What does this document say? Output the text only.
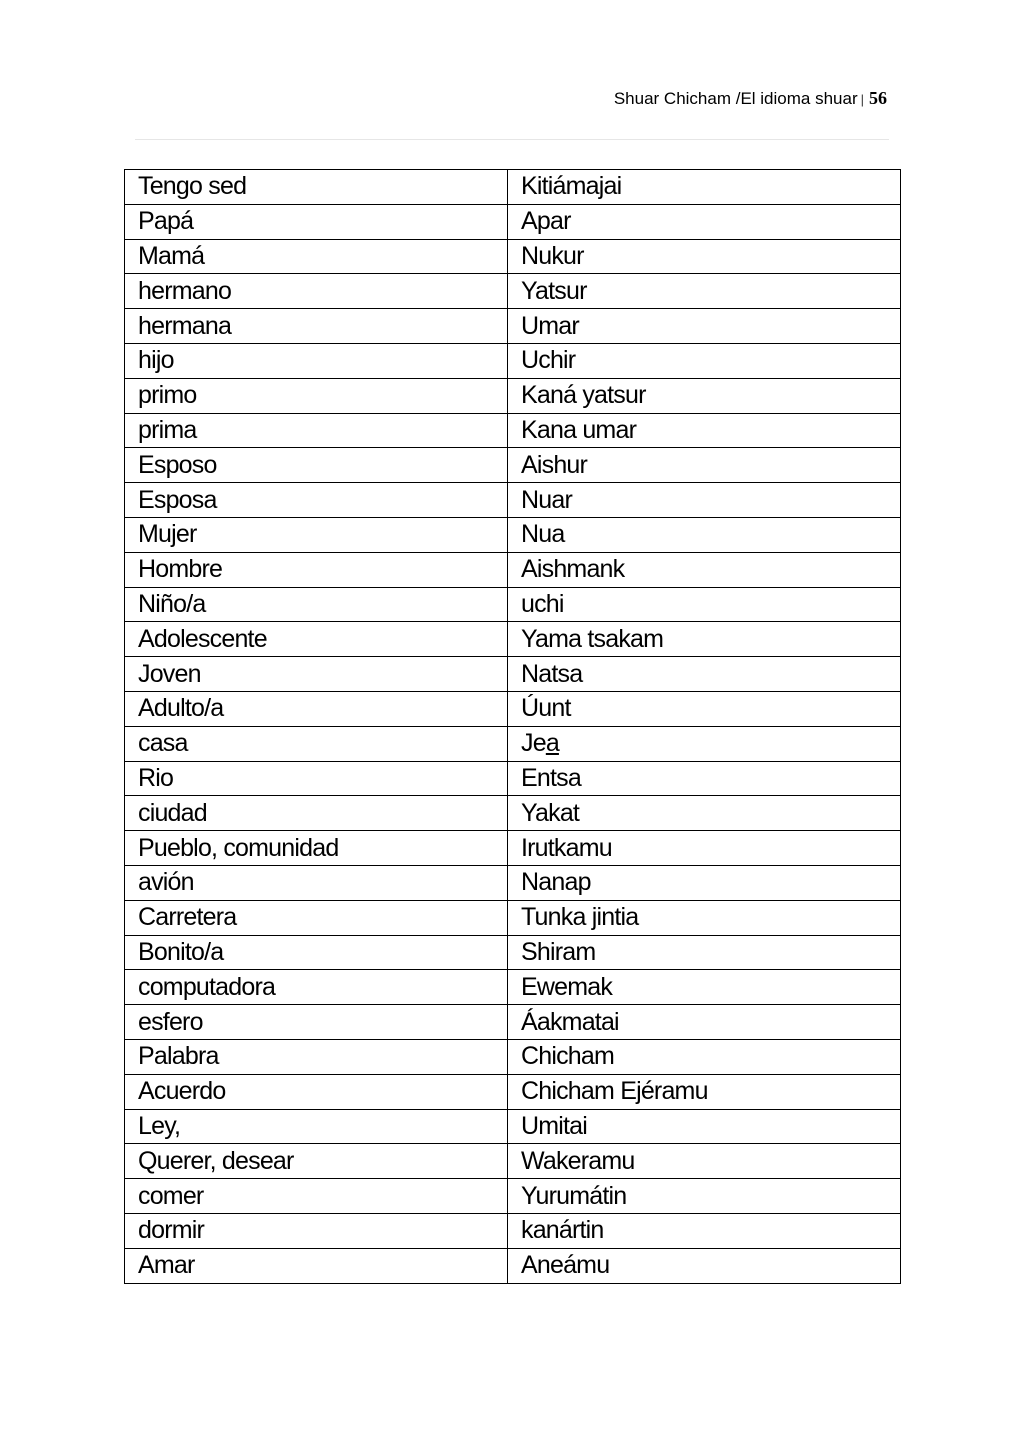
Shuar Chicham /El idioma shuar | 56
Tengo sed	Kitiámajai
Papá	Apar
Mamá	Nukur
hermano	Yatsur
hermana	Umar
hijo	Uchir
primo	Kaná yatsur
prima	Kana umar
Esposo	Aishur
Esposa	Nuar
Mujer	Nua
Hombre	Aishmank
Niño/a	uchi
Adolescente	Yama tsakam
Joven	Natsa
Adulto/a	Úunt
casa	Jea
Rio	Entsa
ciudad	Yakat
Pueblo, comunidad	Irutkamu
avión	Nanap
Carretera	Tunka jintia
Bonito/a	Shiram
computadora	Ewemak
esfero	Áakmatai
Palabra	Chicham
Acuerdo	Chicham Ejéramu
Ley,	Umitai
Querer, desear	Wakeramu
comer	Yurumátin
dormir	kanártin
Amar	Aneámu
